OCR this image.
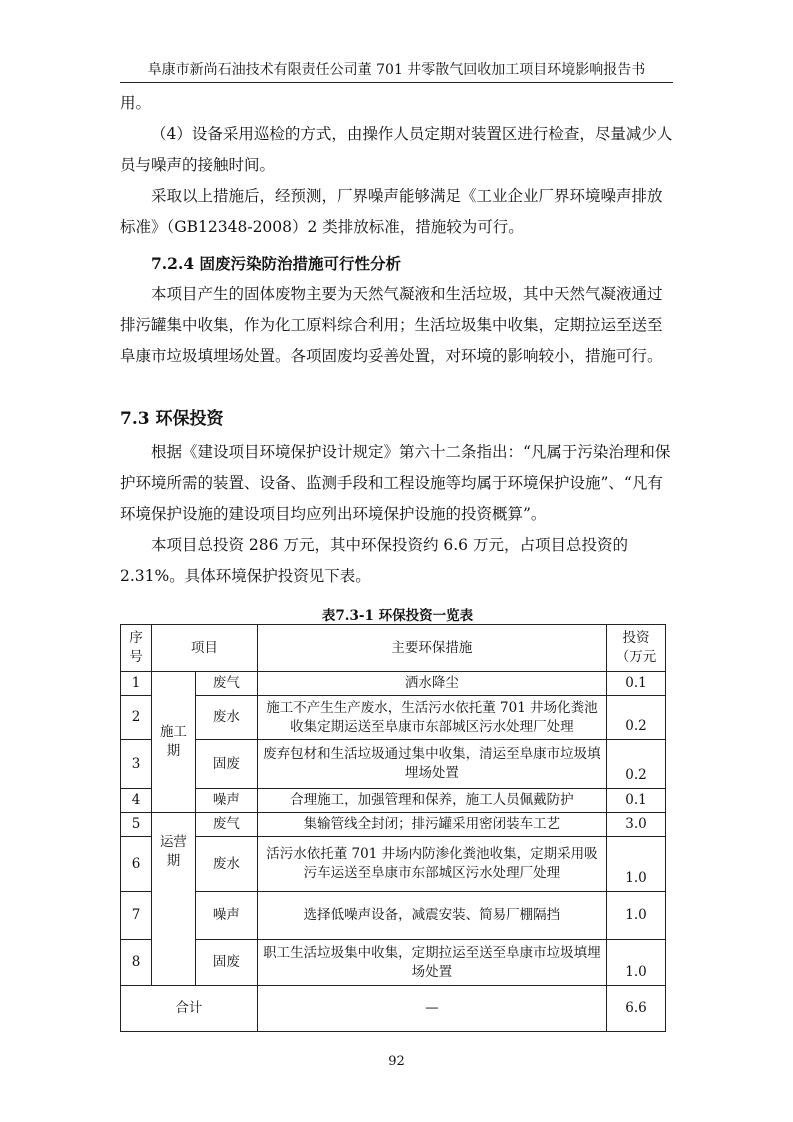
阜康市新尚石油技术有限责任公司董 701 井零散气回收加工项目环境影响报告书

用。

（4）设备采用巡检的方式，由操作人员定期对装置区进行检查，尽量减少人员与噪声的接触时间。

采取以上措施后，经预测，厂界噪声能够满足《工业企业厂界环境噪声排放标准》（GB12348-2008）2 类排放标准，措施较为可行。

7.2.4 固废污染防治措施可行性分析

本项目产生的固体废物主要为天然气凝液和生活垃圾，其中天然气凝液通过排污罐集中收集，作为化工原料综合利用；生活垃圾集中收集，定期拉运至送至阜康市垃圾填埋场处置。各项固废均妥善处置，对环境的影响较小，措施可行。

7.3 环保投资

根据《建设项目环境保护设计规定》第六十二条指出：“凡属于污染治理和保护环境所需的装置、设备、监测手段和工程设施等均属于环境保护设施”、“凡有环境保护设施的建设项目均应列出环境保护设施的投资概算”。

本项目总投资 286 万元，其中环保投资约 6.6 万元，占项目总投资的 2.31%。具体环境保护投资见下表。

表7.3-1 环保投资一览表
序号	项目		主要环保措施	投资（万元
1	施工期	废气	洒水降尘	0.1
2		废水	施工不产生生产废水，生活污水依托董 701 井场化粪池收集定期运送至阜康市东部城区污水处理厂处理	0.2
3		固废	废弃包材和生活垃圾通过集中收集，清运至阜康市垃圾填埋场处置	0.2
4		噪声	合理施工，加强管理和保养，施工人员佩戴防护	0.1
5	运营期	废气	集输管线全封闭；排污罐采用密闭装车工艺	3.0
6		废水	活污水依托董 701 井场内防渗化粪池收集，定期采用吸污车运送至阜康市东部城区污水处理厂处理	1.0
7		噪声	选择低噪声设备，减震安装、简易厂棚隔挡	1.0
8		固废	职工生活垃圾集中收集，定期拉运至送至阜康市垃圾填埋场处置	1.0
合计			—	6.6
92
